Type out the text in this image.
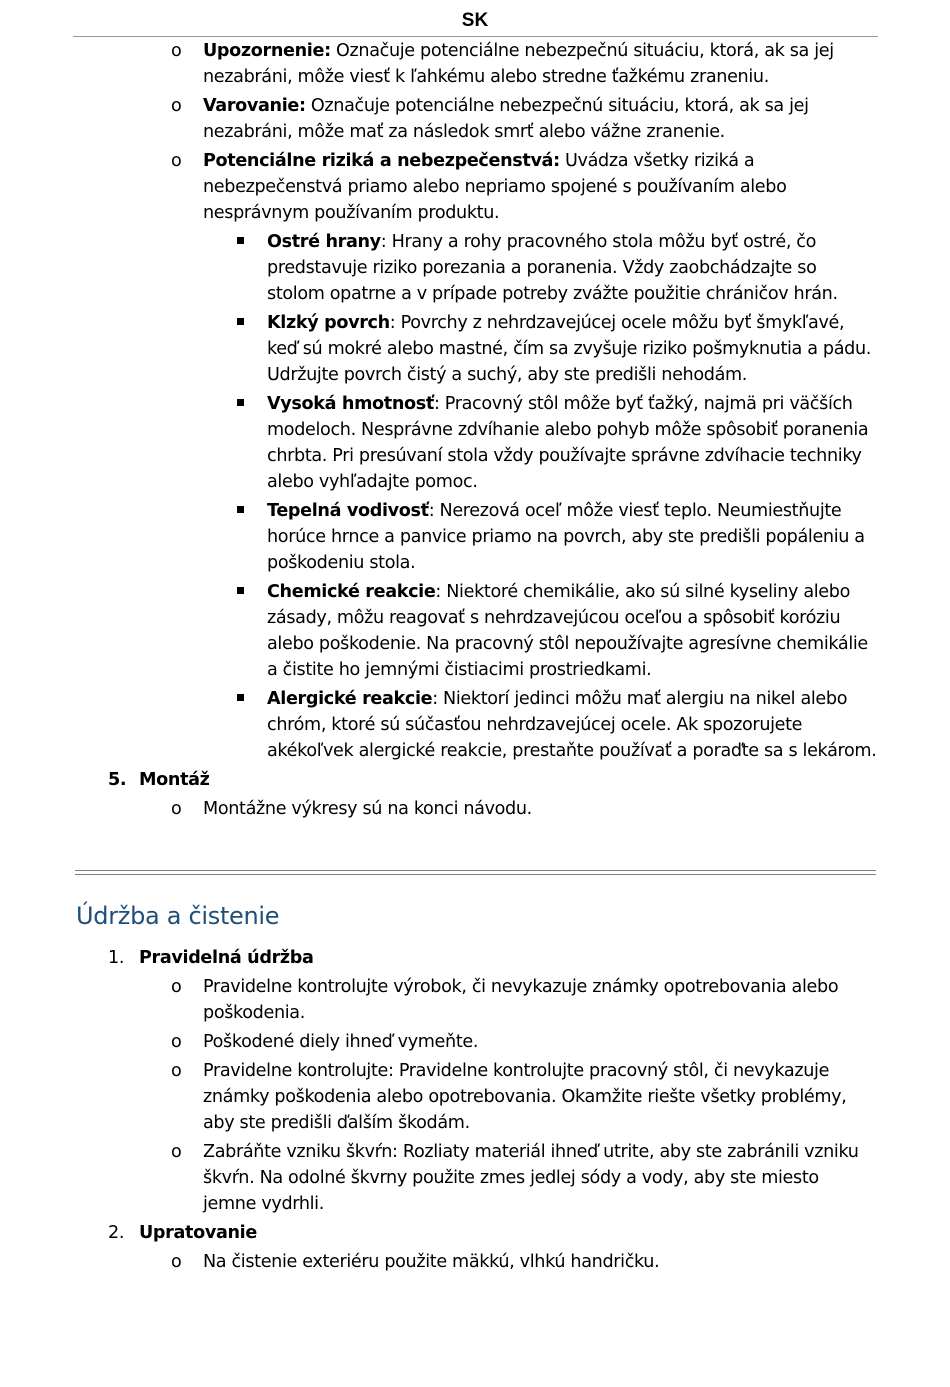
SK
o Upozornenie: Označuje potenciálne nebezpečnú situáciu, ktorá, ak sa jej nezabráni, môže viesť k ľahkému alebo stredne ťažkému zraneniu.
o Varovanie: Označuje potenciálne nebezpečnú situáciu, ktorá, ak sa jej nezabráni, môže mať za následok smrť alebo vážne zranenie.
o Potenciálne riziká a nebezpečenstvá: Uvádza všetky riziká a nebezpečenstvá priamo alebo nepriamo spojené s používaním alebo nesprávnym používaním produktu.
Ostré hrany: Hrany a rohy pracovného stola môžu byť ostré, čo predstavuje riziko porezania a poranenia. Vždy zaobchádzajte so stolom opatrne a v prípade potreby zvážte použitie chráničov hrán.
Klzký povrch: Povrchy z nehrdzavejúcej ocele môžu byť šmykľavé, keď sú mokré alebo mastné, čím sa zvyšuje riziko pošmyknutia a pádu. Udržujte povrch čistý a suchý, aby ste predišli nehodám.
Vysoká hmotnosť: Pracovný stôl môže byť ťažký, najmä pri väčších modeloch. Nesprávne zdvíhanie alebo pohyb môže spôsobiť poranenia chrbta. Pri presúvaní stola vždy používajte správne zdvíhacie techniky alebo vyhľadajte pomoc.
Tepelná vodivosť: Nerezová oceľ môže viesť teplo. Neumiestňujte horúce hrnce a panvice priamo na povrch, aby ste predišli popáleniu a poškodeniu stola.
Chemické reakcie: Niektoré chemikálie, ako sú silné kyseliny alebo zásady, môžu reagovať s nehrdzavejúcou oceľou a spôsobiť koróziu alebo poškodenie. Na pracovný stôl nepoužívajte agresívne chemikálie a čistite ho jemnými čistiacimi prostriedkami.
Alergické reakcie: Niektorí jedinci môžu mať alergiu na nikel alebo chróm, ktoré sú súčasťou nehrdzavejúcej ocele. Ak spozorujete akékoľvek alergické reakcie, prestaňte používať a poraďte sa s lekárom.
5. Montáž
o Montážne výkresy sú na konci návodu.
Údržba a čistenie
1. Pravidelná údržba
o Pravidelne kontrolujte výrobok, či nevykazuje známky opotrebovania alebo poškodenia.
o Poškodené diely ihneď vymeňte.
o Pravidelne kontrolujte: Pravidelne kontrolujte pracovný stôl, či nevykazuje známky poškodenia alebo opotrebovania. Okamžite riešte všetky problémy, aby ste predišli ďalším škodám.
o Zabráňte vzniku škvŕn: Rozliaty materiál ihneď utrite, aby ste zabránili vzniku škvŕn. Na odolné škvrny použite zmes jedlej sódy a vody, aby ste miesto jemne vydrhli.
2. Upratovanie
o Na čistenie exteriéru použite mäkkú, vlhkú handričku.
